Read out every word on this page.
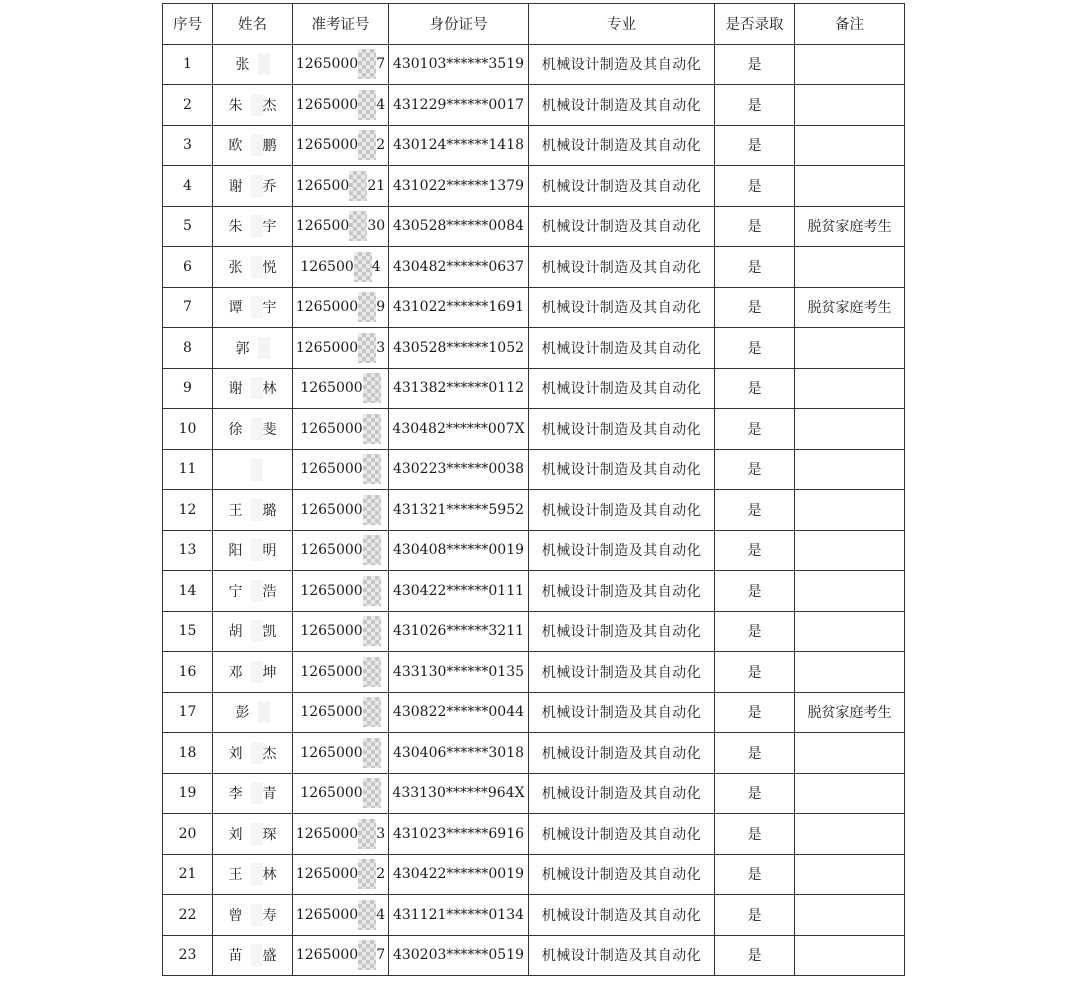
序号	姓名	准考证号	身份证号	专业	是否录取	备注
1	张	1265000 7	430103******3519	机械设计制造及其自动化	是	
2	朱 杰	1265000 4	431229******0017	机械设计制造及其自动化	是	
3	欧 鹏	1265000 2	430124******1418	机械设计制造及其自动化	是	
4	谢 乔	126500 21	431022******1379	机械设计制造及其自动化	是	
5	朱 宇	126500 30	430528******0084	机械设计制造及其自动化	是	脱贫家庭考生
6	张 悦	126500 4	430482******0637	机械设计制造及其自动化	是	
7	谭 宇	1265000 9	431022******1691	机械设计制造及其自动化	是	脱贫家庭考生
8	郭	1265000 3	430528******1052	机械设计制造及其自动化	是	
9	谢 林	1265000	431382******0112	机械设计制造及其自动化	是	
10	徐 斐	1265000	430482******007X	机械设计制造及其自动化	是	
11		1265000	430223******0038	机械设计制造及其自动化	是	
12	王 璐	1265000	431321******5952	机械设计制造及其自动化	是	
13	阳 明	1265000	430408******0019	机械设计制造及其自动化	是	
14	宁 浩	1265000	430422******0111	机械设计制造及其自动化	是	
15	胡 凯	1265000	431026******3211	机械设计制造及其自动化	是	
16	邓 坤	1265000	433130******0135	机械设计制造及其自动化	是	
17	彭	1265000	430822******0044	机械设计制造及其自动化	是	脱贫家庭考生
18	刘 杰	1265000	430406******3018	机械设计制造及其自动化	是	
19	李 青	1265000	433130******964X	机械设计制造及其自动化	是	
20	刘 琛	1265000 3	431023******6916	机械设计制造及其自动化	是	
21	王 林	1265000 2	430422******0019	机械设计制造及其自动化	是	
22	曾 寿	1265000 4	431121******0134	机械设计制造及其自动化	是	
23	苗 盛	1265000 7	430203******0519	机械设计制造及其自动化	是	
